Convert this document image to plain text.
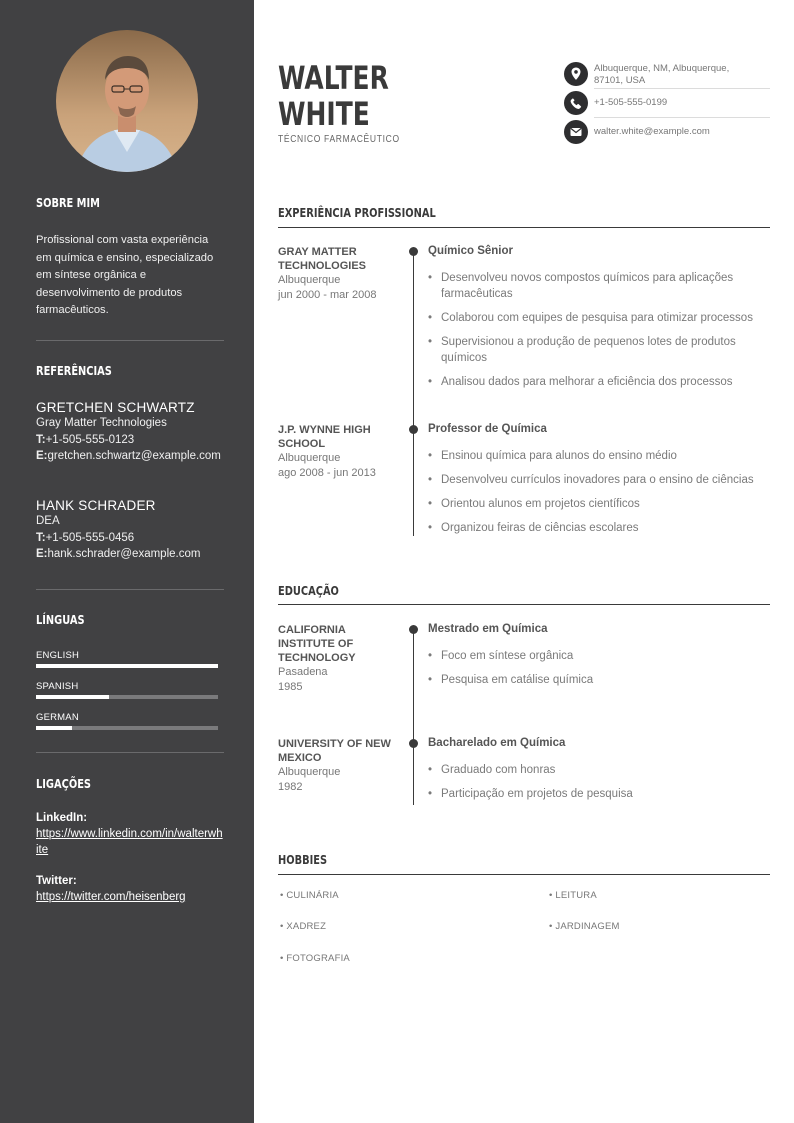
SOBRE MIM
Profissional com vasta experiência em química e ensino, especializado em síntese orgânica e desenvolvimento de produtos farmacêuticos.
REFERÊNCIAS
GRETCHEN SCHWARTZ
Gray Matter Technologies
T:+1-505-555-0123
E:gretchen.schwartz@example.com
HANK SCHRADER
DEA
T:+1-505-555-0456
E:hank.schrader@example.com
LÍNGUAS
ENGLISH
SPANISH
GERMAN
LIGAÇÕES
LinkedIn:
https://www.linkedin.com/in/walterwhite
Twitter:
https://twitter.com/heisenberg
WALTER
WHITE
TÉCNICO FARMACÊUTICO
Albuquerque, NM, Albuquerque,
87101, USA
+1-505-555-0199
walter.white@example.com
EXPERIÊNCIA PROFISSIONAL
GRAY MATTER TECHNOLOGIES
Albuquerque
jun 2000 - mar 2008
Químico Sênior
• Desenvolveu novos compostos químicos para aplicações farmacêuticas
• Colaborou com equipes de pesquisa para otimizar processos
• Supervisionou a produção de pequenos lotes de produtos químicos
• Analisou dados para melhorar a eficiência dos processos
J.P. WYNNE HIGH SCHOOL
Albuquerque
ago 2008 - jun 2013
Professor de Química
• Ensinou química para alunos do ensino médio
• Desenvolveu currículos inovadores para o ensino de ciências
• Orientou alunos em projetos científicos
• Organizou feiras de ciências escolares
EDUCAÇÃO
CALIFORNIA INSTITUTE OF TECHNOLOGY
Pasadena
1985
Mestrado em Química
• Foco em síntese orgânica
• Pesquisa em catálise química
UNIVERSITY OF NEW MEXICO
Albuquerque
1982
Bacharelado em Química
• Graduado com honras
• Participação em projetos de pesquisa
HOBBIES
• CULINÁRIA	• LEITURA
• XADREZ	• JARDINAGEM
• FOTOGRAFIA
